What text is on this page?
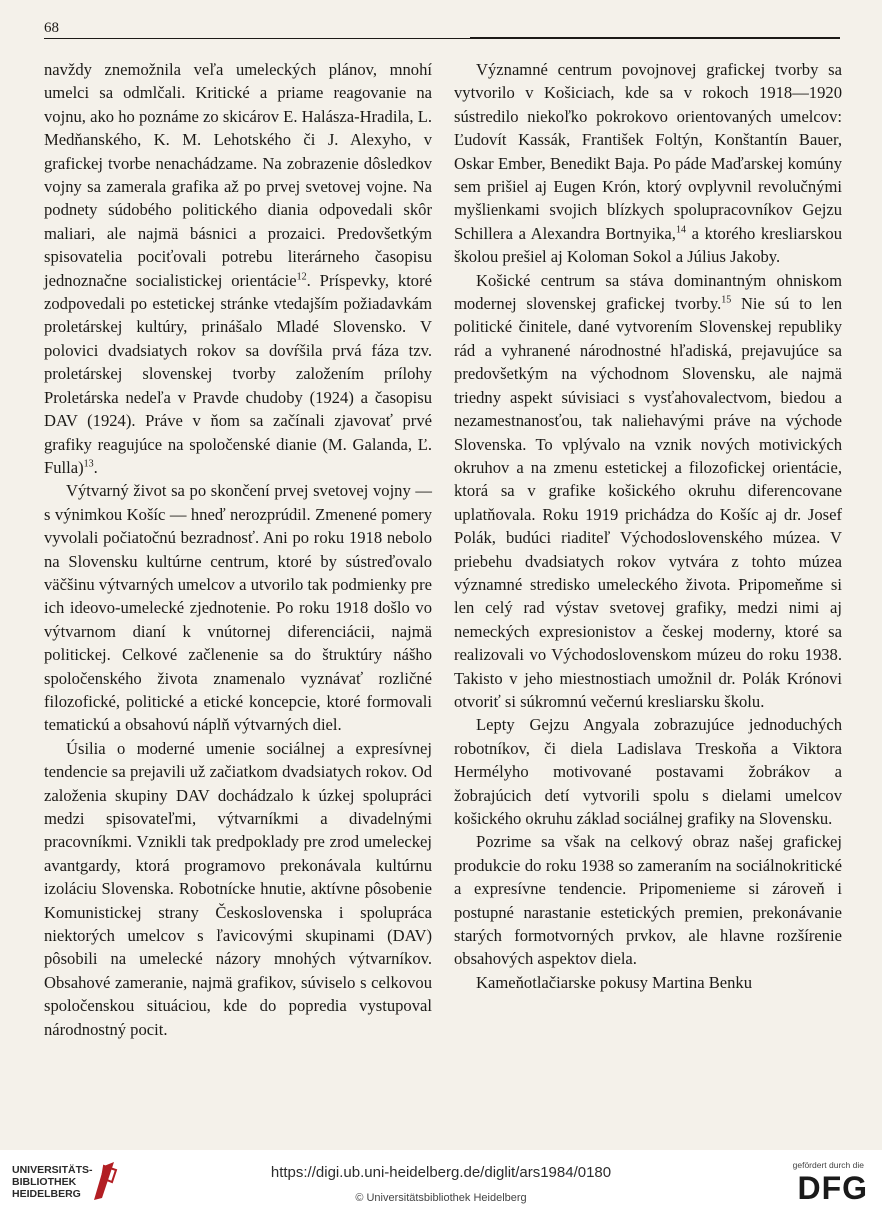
68

navždy znemožnila veľa umeleckých plánov, mnohí umelci sa odmlčali. Kritické a priame reagovanie na vojnu, ako ho poznáme zo skicárov E. Halásza-Hradila, L. Medňanského, K. M. Lehotského či J. Alexyho, v grafickej tvorbe nenachádzame. Na zobrazenie dôsledkov vojny sa zamerala grafika až po prvej svetovej vojne. Na podnety súdobého politického diania odpovedali skôr maliari, ale najmä básnici a prozaici. Predovšetkým spisovatelia pociťovali potrebu literárneho časopisu jednoznačne socialistickej orientácie$^{12}$. Príspevky, ktoré zodpovedali po estetickej stránke vtedajším požiadavkám proletárskej kultúry, prinášalo Mladé Slovensko. V polovici dvadsiatych rokov sa dovŕšila prvá fáza tzv. proletárskej slovenskej tvorby založením prílohy Proletárska nedeľa v Pravde chudoby (1924) a časopisu DAV (1924). Práve v ňom sa začínali zjavovať prvé grafiky reagujúce na spoločenské dianie (M. Galanda, Ľ. Fulla)$^{13}$.

Výtvarný život sa po skončení prvej svetovej vojny — s výnimkou Košíc — hneď nerozprúdil. Zmenené pomery vyvolali počiatočnú bezradnosť. Ani po roku 1918 nebolo na Slovensku kultúrne centrum, ktoré by sústreďovalo väčšinu výtvarných umelcov a utvorilo tak podmienky pre ich ideovo-umelecké zjednotenie. Po roku 1918 došlo vo výtvarnom dianí k vnútornej diferenciácii, najmä politickej. Celkové začlenenie sa do štruktúry nášho spoločenského života znamenalo vyznávať rozličné filozofické, politické a etické koncepcie, ktoré formovali tematickú a obsahovú náplň výtvarných diel.

Úsilia o moderné umenie sociálnej a expresívnej tendencie sa prejavili už začiatkom dvadsiatych rokov. Od založenia skupiny DAV dochádzalo k úzkej spolupráci medzi spisovateľmi, výtvarníkmi a divadelnými pracovníkmi. Vznikli tak predpoklady pre zrod umeleckej avantgardy, ktorá programovo prekonávala kultúrnu izoláciu Slovenska. Robotnícke hnutie, aktívne pôsobenie Komunistickej strany Československa i spolupráca niektorých umelcov s ľavicovými skupinami (DAV) pôsobili na umelecké názory mnohých výtvarníkov. Obsahové zameranie, najmä grafikov, súviselo s celkovou spoločenskou situáciou, kde do popredia vystupoval národnostný pocit.

Významné centrum povojnovej grafickej tvorby sa vytvorilo v Košiciach, kde sa v rokoch 1918—1920 sústredilo niekoľko pokrokovo orientovaných umelcov: Ľudovít Kassák, František Foltýn, Konštantín Bauer, Oskar Ember, Benedikt Baja. Po páde Maďarskej komúny sem prišiel aj Eugen Krón, ktorý ovplyvnil revolučnými myšlienkami svojich blízkych spolupracovníkov Gejzu Schillera a Alexandra Bortnyika,$^{14}$ a ktorého kresliarskou školou prešiel aj Koloman Sokol a Július Jakoby.

Košické centrum sa stáva dominantným ohniskom modernej slovenskej grafickej tvorby.$^{15}$ Nie sú to len politické činitele, dané vytvorením Slovenskej republiky rád a vyhranené národnostné hľadiská, prejavujúce sa predovšetkým na východnom Slovensku, ale najmä triedny aspekt súvisiaci s vysťahovalectvom, biedou a nezamestnanosťou, tak naliehavými práve na východe Slovenska. To vplývalo na vznik nových motivických okruhov a na zmenu estetickej a filozofickej orientácie, ktorá sa v grafike košického okruhu diferencovane uplatňovala. Roku 1919 prichádza do Košíc aj dr. Josef Polák, budúci riaditeľ Východoslovenského múzea. V priebehu dvadsiatych rokov vytvára z tohto múzea významné stredisko umeleckého života. Pripomeňme si len celý rad výstav svetovej grafiky, medzi nimi aj nemeckých expresionistov a českej moderny, ktoré sa realizovali vo Východoslovenskom múzeu do roku 1938. Takisto v jeho miestnostiach umožnil dr. Polák Krónovi otvoriť si súkromnú večernú kresliarsku školu.

Lepty Gejzu Angyala zobrazujúce jednoduchých robotníkov, či diela Ladislava Treskoňa a Viktora Hermélyho motivované postavami žobrákov a žobrajúcich detí vytvorili spolu s dielami umelcov košického okruhu základ sociálnej grafiky na Slovensku.

Pozrime sa však na celkový obraz našej grafickej produkcie do roku 1938 so zameraním na sociálnokritické a expresívne tendencie. Pripomenieme si zároveň i postupné narastanie estetických premien, prekonávanie starých formotvorných prvkov, ale hlavne rozšírenie obsahových aspektov diela.

Kameňotlačiarske pokusy Martina Benku

UNIVERSITÄTS-
BIBLIOTHEK
HEIDELBERG
https://digi.ub.uni-heidelberg.de/diglit/ars1984/0180
© Universitätsbibliothek Heidelberg
gefördert durch die
DFG
